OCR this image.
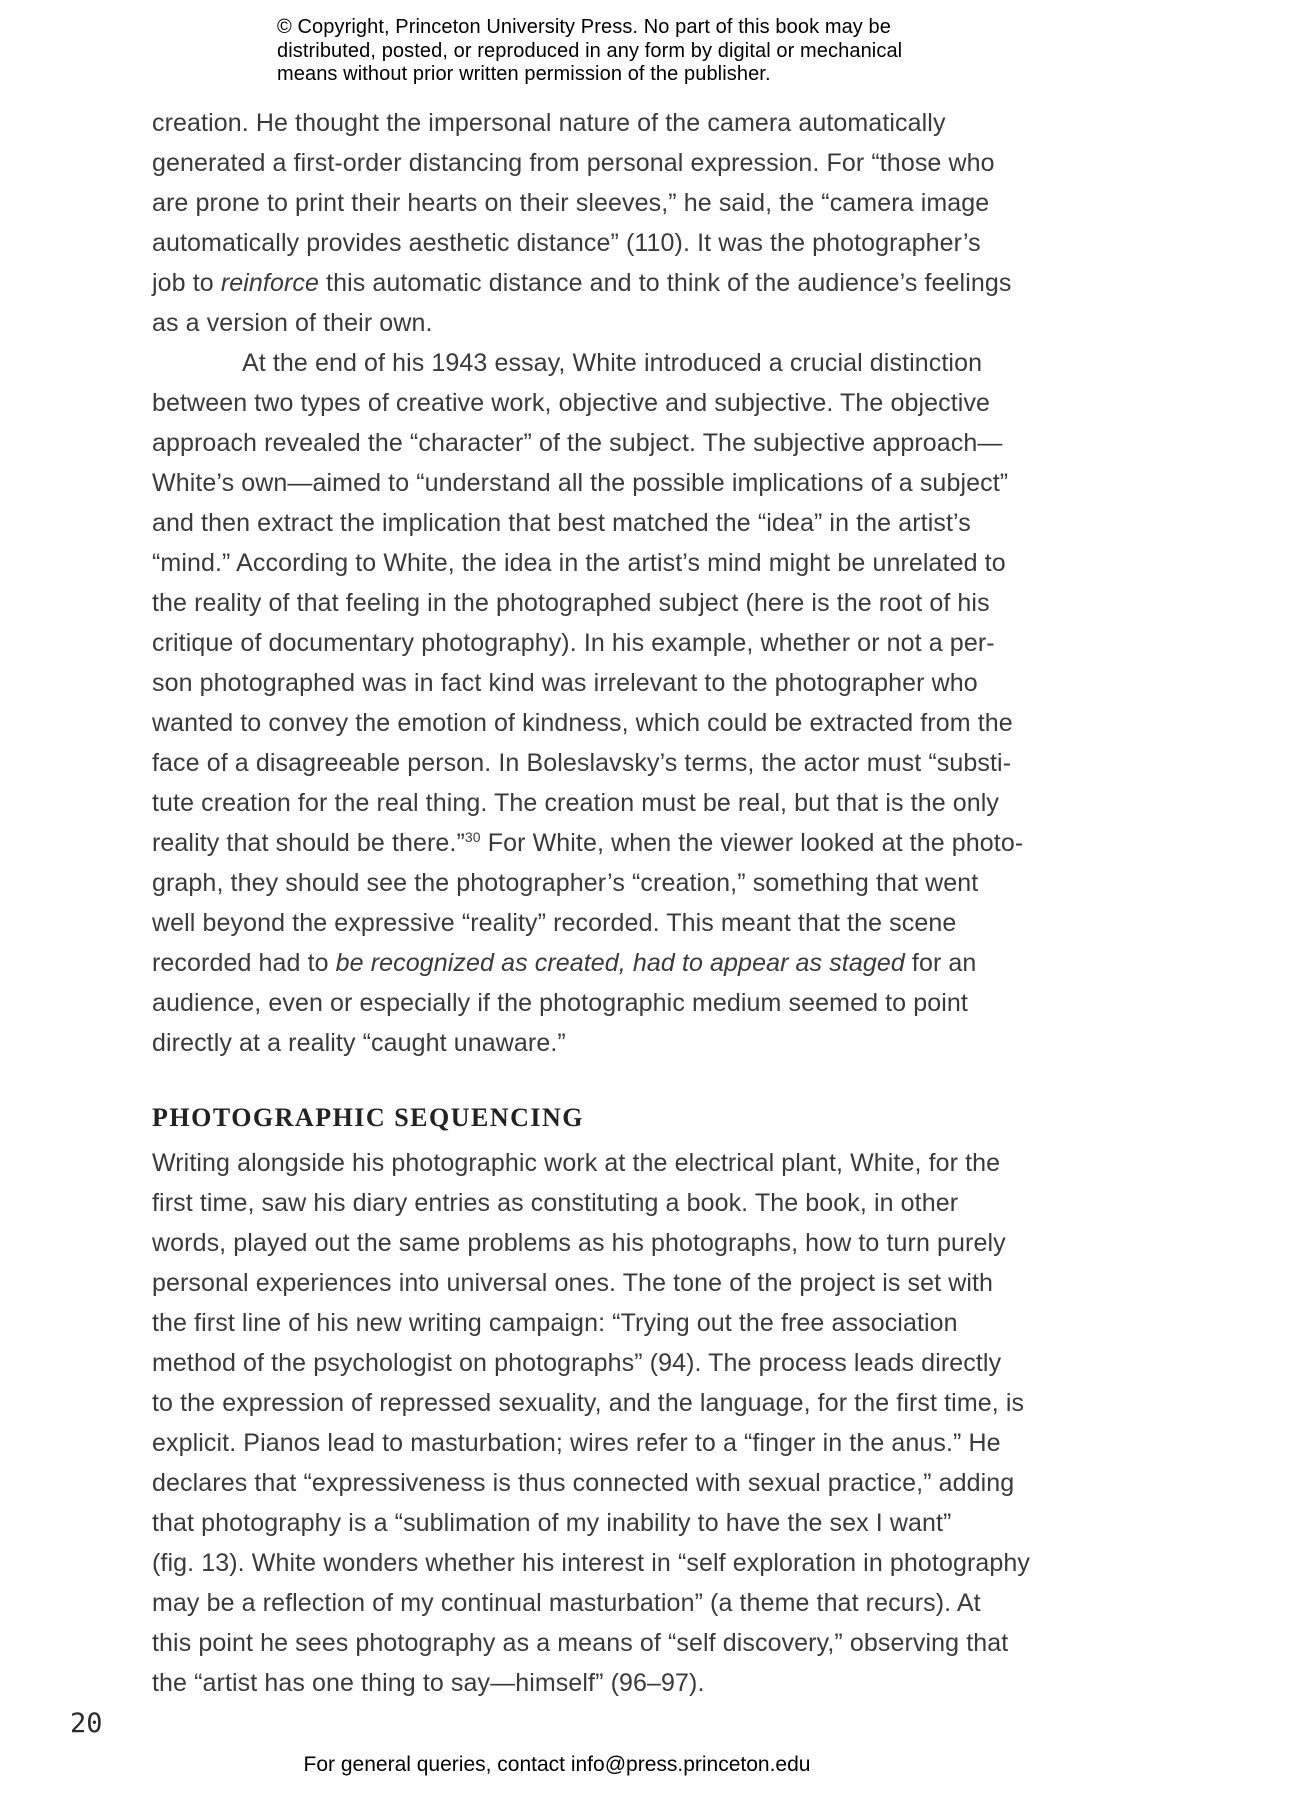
© Copyright, Princeton University Press. No part of this book may be
distributed, posted, or reproduced in any form by digital or mechanical
means without prior written permission of the publisher.
creation. He thought the impersonal nature of the camera automatically
generated a first-order distancing from personal expression. For “those who
are prone to print their hearts on their sleeves,” he said, the “camera image
automatically provides aesthetic distance” (110). It was the photographer’s
job to reinforce this automatic distance and to think of the audience’s feelings
as a version of their own.
At the end of his 1943 essay, White introduced a crucial distinction
between two types of creative work, objective and subjective. The objective
approach revealed the “character” of the subject. The subjective approach—
White’s own—aimed to “understand all the possible implications of a subject”
and then extract the implication that best matched the “idea” in the artist’s
“mind.” According to White, the idea in the artist’s mind might be unrelated to
the reality of that feeling in the photographed subject (here is the root of his
critique of documentary photography). In his example, whether or not a per-
son photographed was in fact kind was irrelevant to the photographer who
wanted to convey the emotion of kindness, which could be extracted from the
face of a disagreeable person. In Boleslavsky’s terms, the actor must “substi-
tute creation for the real thing. The creation must be real, but that is the only
reality that should be there.”$^{30}$ For White, when the viewer looked at the photo-
graph, they should see the photographer’s “creation,” something that went
well beyond the expressive “reality” recorded. This meant that the scene
recorded had to be recognized as created, had to appear as staged for an
audience, even or especially if the photographic medium seemed to point
directly at a reality “caught unaware.”
PHOTOGRAPHIC SEQUENCING
Writing alongside his photographic work at the electrical plant, White, for the
first time, saw his diary entries as constituting a book. The book, in other
words, played out the same problems as his photographs, how to turn purely
personal experiences into universal ones. The tone of the project is set with
the first line of his new writing campaign: “Trying out the free association
method of the psychologist on photographs” (94). The process leads directly
to the expression of repressed sexuality, and the language, for the first time, is
explicit. Pianos lead to masturbation; wires refer to a “finger in the anus.” He
declares that “expressiveness is thus connected with sexual practice,” adding
that photography is a “sublimation of my inability to have the sex I want”
(fig. 13). White wonders whether his interest in “self exploration in photography
may be a reflection of my continual masturbation” (a theme that recurs). At
this point he sees photography as a means of “self discovery,” observing that
the “artist has one thing to say—himself” (96–97).
20
For general queries, contact info@press.princeton.edu
